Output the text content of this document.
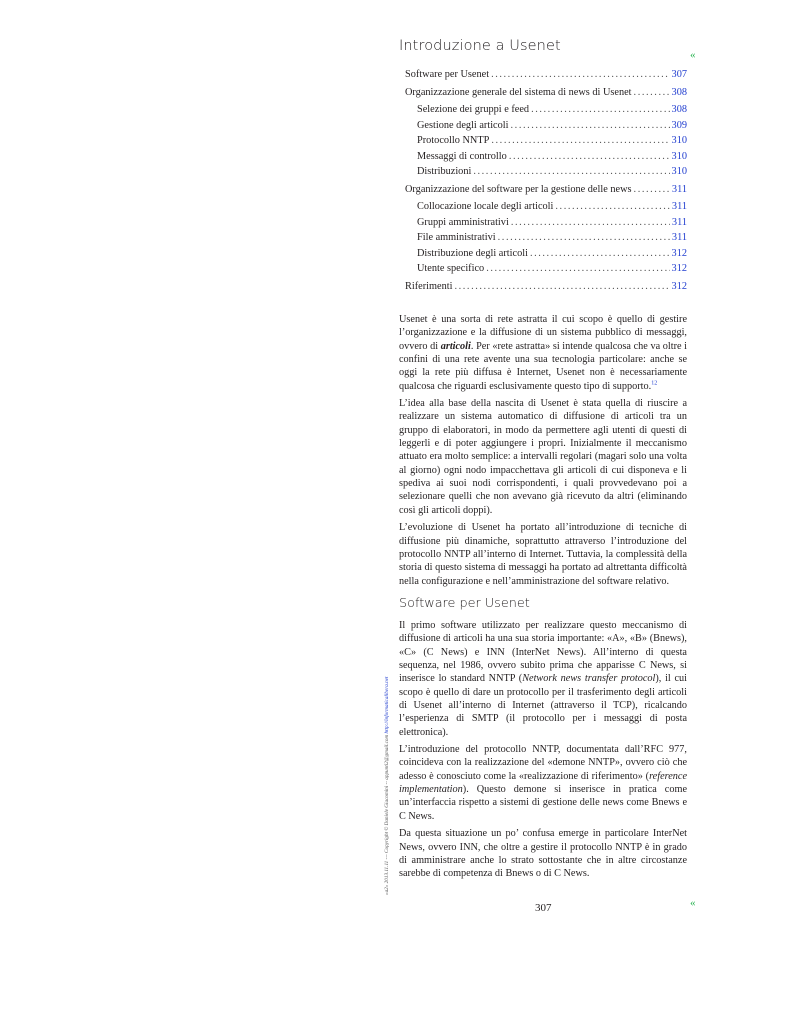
Introduzione a Usenet
«
Software per Usenet . . .	307
Organizzazione generale del sistema di news di Usenet . . .	308
Selezione dei gruppi e feed . . .	308
Gestione degli articoli . . .	309
Protocollo NNTP . . .	310
Messaggi di controllo . . .	310
Distribuzioni . . .	310
Organizzazione del software per la gestione delle news . . .	311
Collocazione locale degli articoli . . .	311
Gruppi amministrativi . . .	311
File amministrativi . . .	311
Distribuzione degli articoli . . .	312
Utente specifico . . .	312
Riferimenti . . .	312

Usenet è una sorta di rete astratta il cui scopo è quello di gestire l’organizzazione e la diffusione di un sistema pubblico di messaggi, ovvero di articoli. Per «rete astratta» si intende qualcosa che va oltre i confini di una rete avente una sua tecnologia particolare: anche se oggi la rete più diffusa è Internet, Usenet non è necessariamente qualcosa che riguardi esclusivamente questo tipo di supporto.$^{12}$

L’idea alla base della nascita di Usenet è stata quella di riuscire a realizzare un sistema automatico di diffusione di articoli tra un gruppo di elaboratori, in modo da permettere agli utenti di questi di leggerli e di poter aggiungere i propri. Inizialmente il meccanismo attuato era molto semplice: a intervalli regolari (magari solo una volta al giorno) ogni nodo impacchettava gli articoli di cui disponeva e li spediva ai suoi nodi corrispondenti, i quali provvedevano poi a selezionare quelli che non avevano già ricevuto da altri (eliminando così gli articoli doppi).

L’evoluzione di Usenet ha portato all’introduzione di tecniche di diffusione più dinamiche, soprattutto attraverso l’introduzione del protocollo NNTP all’interno di Internet. Tuttavia, la complessità della storia di questo sistema di messaggi ha portato ad altrettanta difficoltà nella configurazione e nell’amministrazione del software relativo.

Software per Usenet

Il primo software utilizzato per realizzare questo meccanismo di diffusione di articoli ha una sua storia importante: «A», «B» (Bnews), «C» (C News) e INN (InterNet News). All’interno di questa sequenza, nel 1986, ovvero subito prima che apparisse C News, si inserisce lo standard NNTP (Network news transfer protocol), il cui scopo è quello di dare un protocollo per il trasferimento degli articoli di Usenet all’interno di Internet (attraverso il TCP), ricalcando l’esperienza di SMTP (il protocollo per i messaggi di posta elettronica).

L’introduzione del protocollo NNTP, documentata dall’RFC 977, coincideva con la realizzazione del «demone NNTP», ovvero ciò che adesso è conosciuto come la «realizzazione di riferimento» (reference implementation). Questo demone si inserisce in pratica come un’interfaccia rispetto a sistemi di gestione delle news come Bnews e C News.

Da questa situazione un po’ confusa emerge in particolare InterNet News, ovvero INN, che oltre a gestire il protocollo NNTP è in grado di amministrare anche lo strato sottostante che in altre circostanze sarebbe di competenza di Bnews o di C News.

307	«
«a2» 2013.11.11 --- Copyright © Daniele Giacomini -- appunti2@gmail.com http://informaticalibera.net
